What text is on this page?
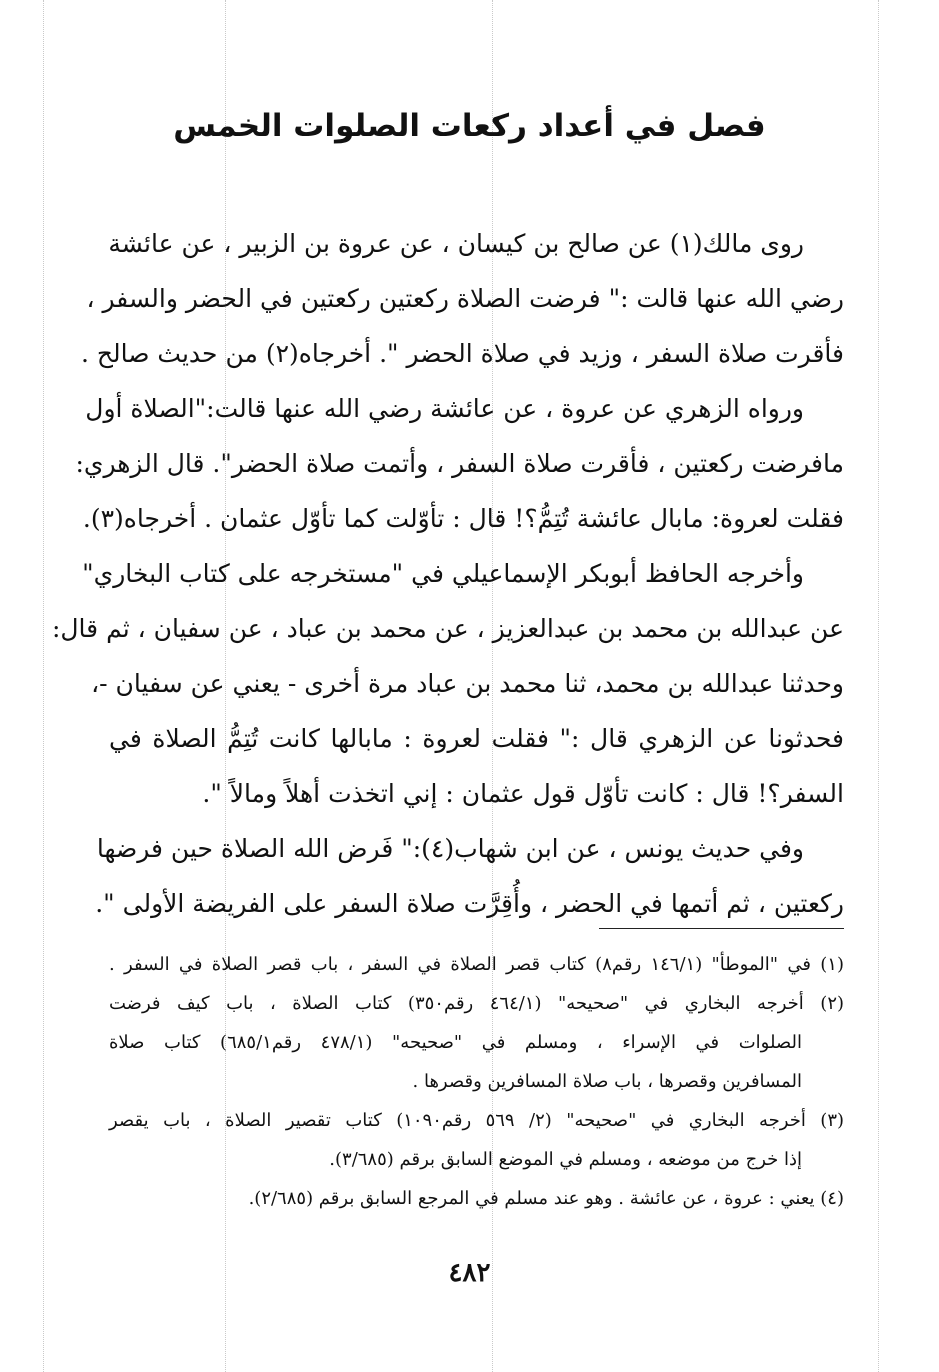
فصل في أعداد ركعات الصلوات الخمس
روى مالك(١) عن صالح بن كيسان ، عن عروة بن الزبير ، عن عائشة
رضي الله عنها قالت :" فرضت الصلاة ركعتين ركعتين في الحضر والسفر ،
فأقرت صلاة السفر ، وزيد في صلاة الحضر ". أخرجاه(٢) من حديث صالح .
ورواه الزهري عن عروة ، عن عائشة رضي الله عنها قالت:"الصلاة أول
مافرضت ركعتين ، فأقرت صلاة السفر ، وأتمت صلاة الحضر". قال الزهري:
فقلت لعروة: مابال عائشة تُتِمُّ؟! قال : تأوّلت كما تأوّل عثمان . أخرجاه(٣).
وأخرجه الحافظ أبوبكر الإسماعيلي في "مستخرجه على كتاب البخاري"
عن عبدالله بن محمد بن عبدالعزيز ، عن محمد بن عباد ، عن سفيان ، ثم قال:
وحدثنا عبدالله بن محمد، ثنا محمد بن عباد مرة أخرى - يعني عن سفيان -،
فحدثونا عن الزهري قال :" فقلت لعروة : مابالها كانت تُتِمُّ الصلاة في
السفر؟! قال : كانت تأوّل قول عثمان : إني اتخذت أهلاً ومالاً ".
وفي حديث يونس ، عن ابن شهاب(٤):" فَرض الله الصلاة حين فرضها
ركعتين ، ثم أتمها في الحضر ، وأُقِرَّت صلاة السفر على الفريضة الأولى ".
(١) في "الموطأ" (١٤٦/١ رقم٨) كتاب قصر الصلاة في السفر ، باب قصر الصلاة في السفر .
(٢) أخرجه البخاري في "صحيحه" (٤٦٤/١ رقم٣٥٠) كتاب الصلاة ، باب كيف فرضت
الصلوات في الإسراء ، ومسلم في "صحيحه" (٤٧٨/١ رقم٦٨٥/١) كتاب صلاة
المسافرين وقصرها ، باب صلاة المسافرين وقصرها .
(٣) أخرجه البخاري في "صحيحه" (٢/ ٥٦٩ رقم١٠٩٠) كتاب تقصير الصلاة ، باب يقصر
إذا خرج من موضعه ، ومسلم في الموضع السابق برقم (٣/٦٨٥).
(٤) يعني : عروة ، عن عائشة . وهو عند مسلم في المرجع السابق برقم (٢/٦٨٥).
٤٨٢
